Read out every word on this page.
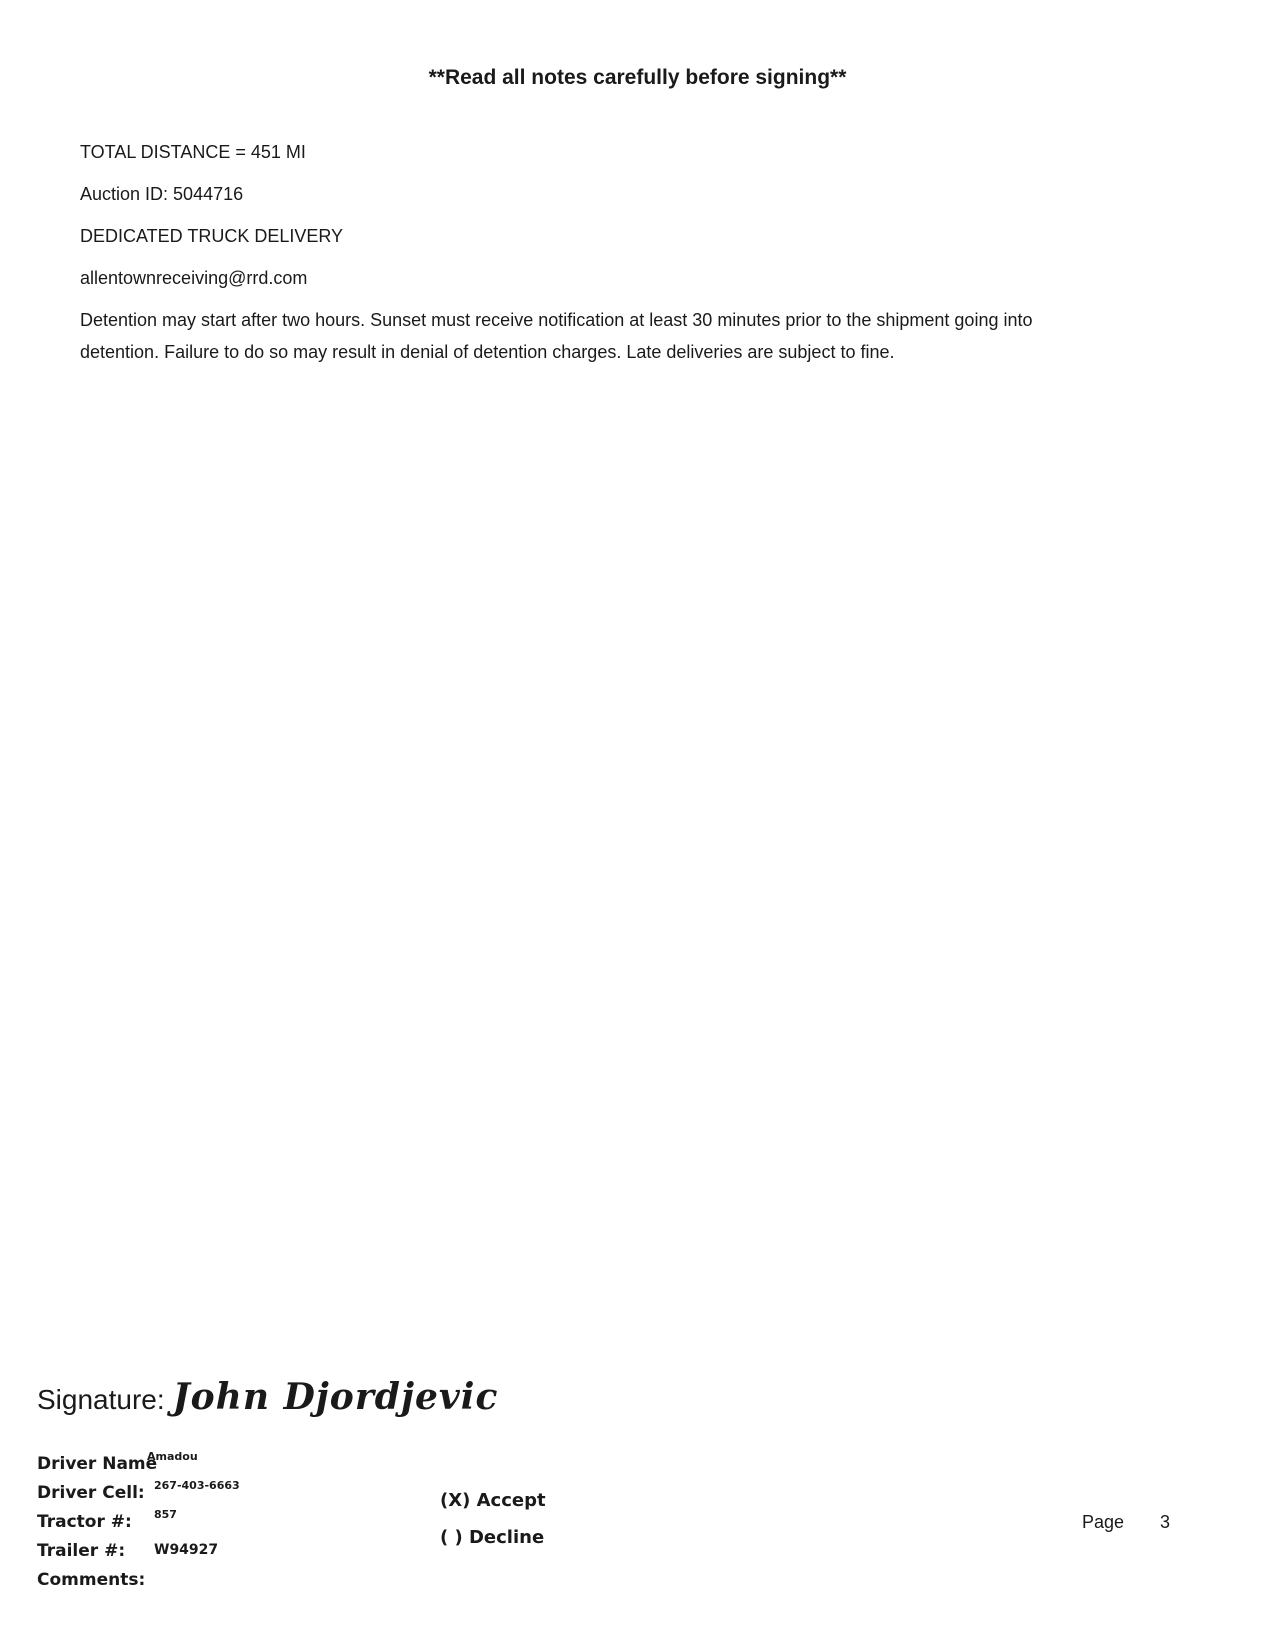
**Read all notes carefully before signing**

TOTAL DISTANCE = 451 MI

Auction ID: 5044716

DEDICATED TRUCK DELIVERY

allentownreceiving@rrd.com

Detention may start after two hours. Sunset must receive notification at least 30 minutes prior to the shipment going into

detention. Failure to do so may result in denial of detention charges. Late deliveries are subject to fine.

Signature: John Djordjevic
Driver Name
Amadou
Driver Cell: 267-403-6663
Tractor #: 857
Trailer #: W94927
Comments:
(X) Accept
( ) Decline
Page 3
